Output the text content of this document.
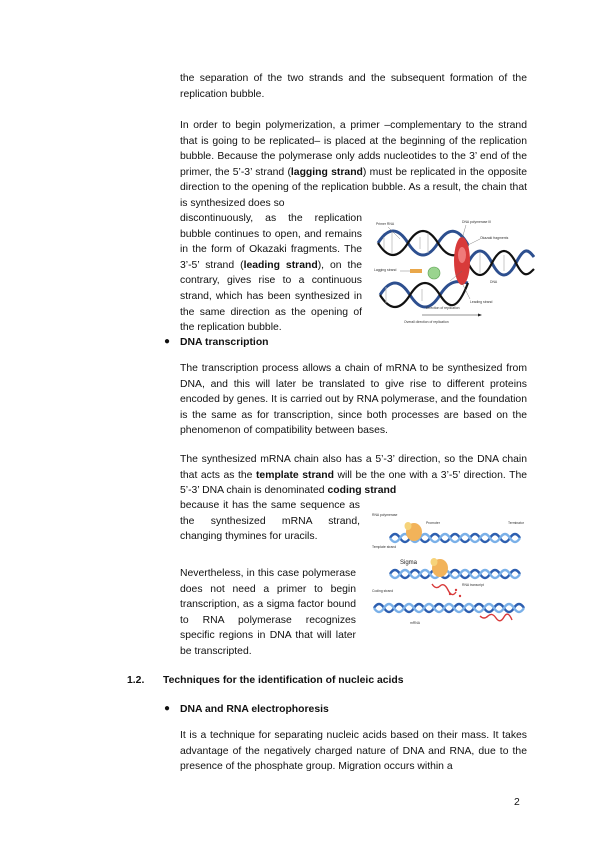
the separation of the two strands and the subsequent formation of the replication bubble.

In order to begin polymerization, a primer –complementary to the strand that is going to be replicated– is placed at the beginning of the replication bubble. Because the polymerase only adds nucleotides to the 3’ end of the primer, the 5’-3’ strand (lagging strand) must be replicated in the opposite direction to the opening of the replication bubble. As a result, the chain that is synthesized does so

discontinuously, as the replication bubble continues to open, and remains in the form of Okazaki fragments. The 3’-5’ strand (leading strand), on the contrary, gives rise to a continuous strand, which has been synthesized in the same direction as the opening of the replication bubble.

Primer RNA	DNA polymerase III
Okazaki fragments
Lagging strand
Leading strand
DNA
Direction of replication
Overall direction of replication
● DNA transcription

The transcription process allows a chain of mRNA to be synthesized from DNA, and this will later be translated to give rise to different proteins encoded by genes. It is carried out by RNA polymerase, and the foundation is the same as for transcription, since both processes are based on the phenomenon of compatibility between bases.

The synthesized mRNA chain also has a 5’-3’ direction, so the DNA chain that acts as the template strand will be the one with a 3’-5’ direction. The 5’-3’ DNA chain is denominated coding strand

because it has the same sequence as the synthesized mRNA strand, changing thymines for uracils.

Nevertheless, in this case polymerase does not need a primer to begin transcription, as a sigma factor bound to RNA polymerase recognizes specific regions in DNA that will later be transcripted.

RNA polymerase
Promoter	Terminator
Sigma
RNA transcript
Template strand
Coding strand
mRNA
1.2. Techniques for the identification of nucleic acids

● DNA and RNA electrophoresis

It is a technique for separating nucleic acids based on their mass. It takes advantage of the negatively charged nature of DNA and RNA, due to the presence of the phosphate group. Migration occurs within a

2
